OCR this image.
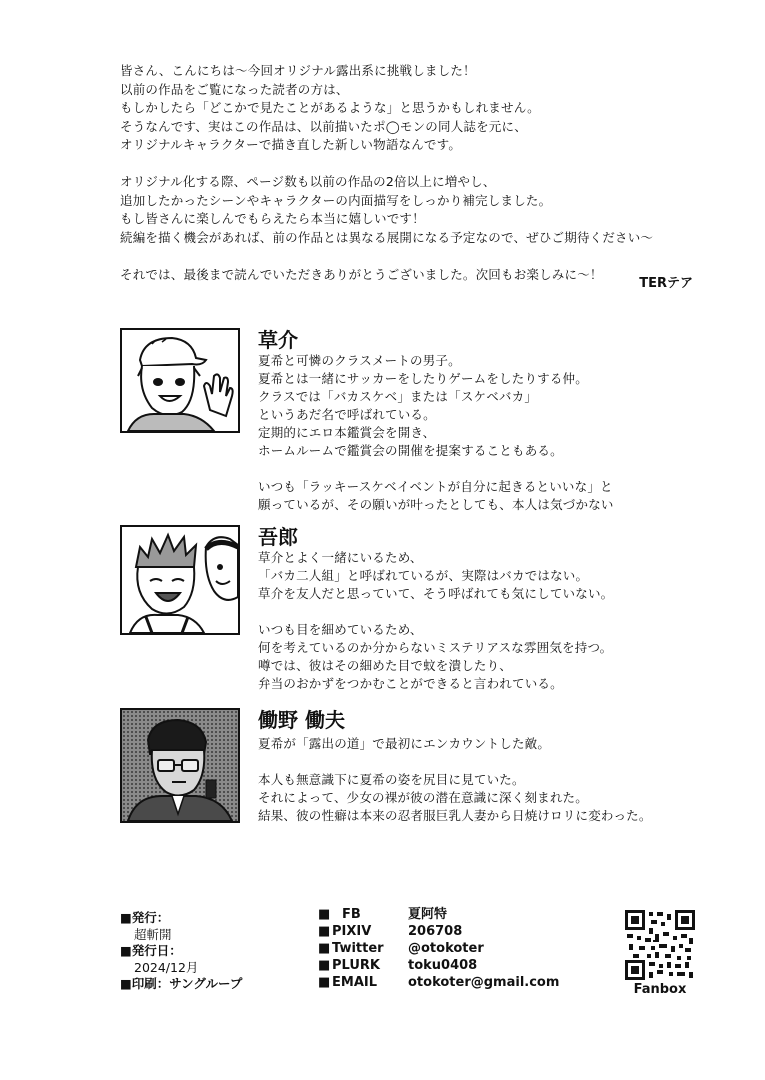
皆さん、こんにちは〜今回オリジナル露出系に挑戦しました！

以前の作品をご覧になった読者の方は、

もしかしたら「どこかで見たことがあるような」と思うかもしれません。

そうなんです、実はこの作品は、以前描いたポ◯モンの同人誌を元に、

オリジナルキャラクターで描き直した新しい物語なんです。

オリジナル化する際、ページ数も以前の作品の2倍以上に増やし、

追加したかったシーンやキャラクターの内面描写をしっかり補完しました。

もし皆さんに楽しんでもらえたら本当に嬉しいです！

続編を描く機会があれば、前の作品とは異なる展開になる予定なので、ぜひご期待ください〜

それでは、最後まで読んでいただきありがとうございました。次回もお楽しみに〜！

TERテア
草介

夏希と可憐のクラスメートの男子。

夏希とは一緒にサッカーをしたりゲームをしたりする仲。

クラスでは「バカスケベ」または「スケベバカ」

というあだ名で呼ばれている。

定期的にエロ本鑑賞会を開き、

ホームルームで鑑賞会の開催を提案することもある。

いつも「ラッキースケベイベントが自分に起きるといいな」と

願っているが、その願いが叶ったとしても、本人は気づかない

吾郎

草介とよく一緒にいるため、

「バカ二人組」と呼ばれているが、実際はバカではない。

草介を友人だと思っていて、そう呼ばれても気にしていない。

いつも目を細めているため、

何を考えているのか分からないミステリアスな雰囲気を持つ。

噂では、彼はその細めた目で蚊を潰したり、

弁当のおかずをつかむことができると言われている。

働野 働夫

夏希が「露出の道」で最初にエンカウントした敵。

本人も無意識下に夏希の姿を尻目に見ていた。

それによって、少女の裸が彼の潜在意識に深く刻まれた。

結果、彼の性癖は本来の忍者服巨乳人妻から日焼けロリに変わった。

■発行：

超斬開

■発行日：

2024/12月

■印刷：サングループ

■ FB	夏阿特
■ PIXIV	206708
■ Twitter	@otokoter
■ PLURK	toku0408
■ EMAIL	otokoter@gmail.com	Fanbox
